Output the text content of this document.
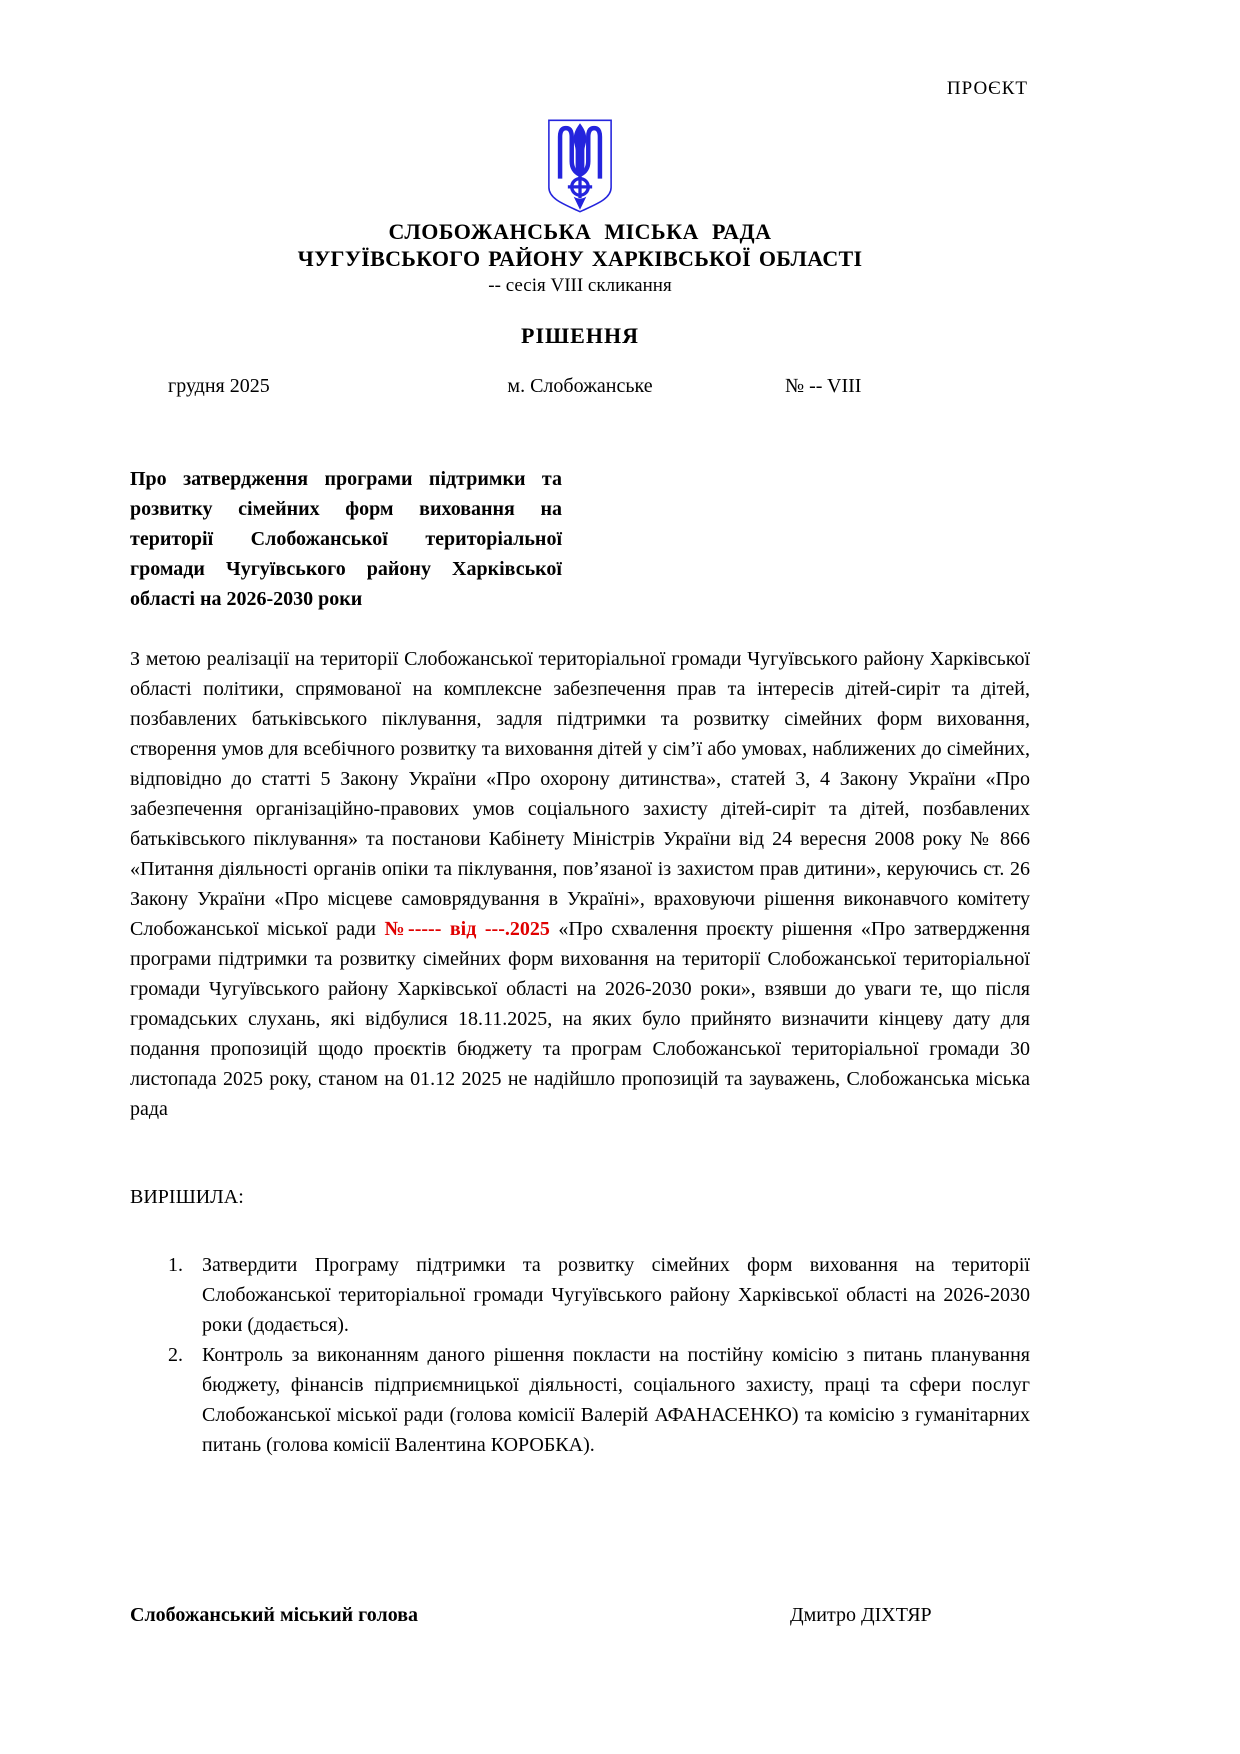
ПРОЄКТ
СЛОБОЖАНСЬКА МІСЬКА РАДА
ЧУГУЇВСЬКОГО РАЙОНУ ХАРКІВСЬКОЇ ОБЛАСТІ
-- сесія VIII скликання
РІШЕННЯ
грудня 2025	м. Слобожанське	№ -- VIII
Про затвердження програми підтримки та розвитку сімейних форм виховання на території Слобожанської територіальної громади Чугуївського району Харківської області на 2026-2030 роки
З метою реалізації на території Слобожанської територіальної громади Чугуївського району Харківської області політики, спрямованої на комплексне забезпечення прав та інтересів дітей-сиріт та дітей, позбавлених батьківського піклування, задля підтримки та розвитку сімейних форм виховання, створення умов для всебічного розвитку та виховання дітей у сім’ї або умовах, наближених до сімейних, відповідно до статті 5 Закону України «Про охорону дитинства», статей 3, 4 Закону України «Про забезпечення організаційно-правових умов соціального захисту дітей-сиріт та дітей, позбавлених батьківського піклування» та постанови Кабінету Міністрів України від 24 вересня 2008 року № 866 «Питання діяльності органів опіки та піклування, пов’язаної із захистом прав дитини», керуючись ст. 26 Закону України «Про місцеве самоврядування в Україні», враховуючи рішення виконавчого комітету Слобожанської міської ради №----- від ---.2025 «Про схвалення проєкту рішення «Про затвердження програми підтримки та розвитку сімейних форм виховання на території Слобожанської територіальної громади Чугуївського району Харківської області на 2026-2030 роки», взявши до уваги те, що після громадських слухань, які відбулися 18.11.2025, на яких було прийнято визначити кінцеву дату для подання пропозицій щодо проєктів бюджету та програм Слобожанської територіальної громади 30 листопада 2025 року, станом на 01.12 2025 не надійшло пропозицій та зауважень, Слобожанська міська рада
ВИРІШИЛА:
1. Затвердити Програму підтримки та розвитку сімейних форм виховання на території Слобожанської територіальної громади Чугуївського району Харківської області на 2026-2030 роки (додається).
2. Контроль за виконанням даного рішення покласти на постійну комісію з питань планування бюджету, фінансів підприємницької діяльності, соціального захисту, праці та сфери послуг Слобожанської міської ради (голова комісії Валерій АФАНАСЕНКО) та комісію з гуманітарних питань (голова комісії Валентина КОРОБКА).
Слобожанський міський голова	Дмитро ДІХТЯР
